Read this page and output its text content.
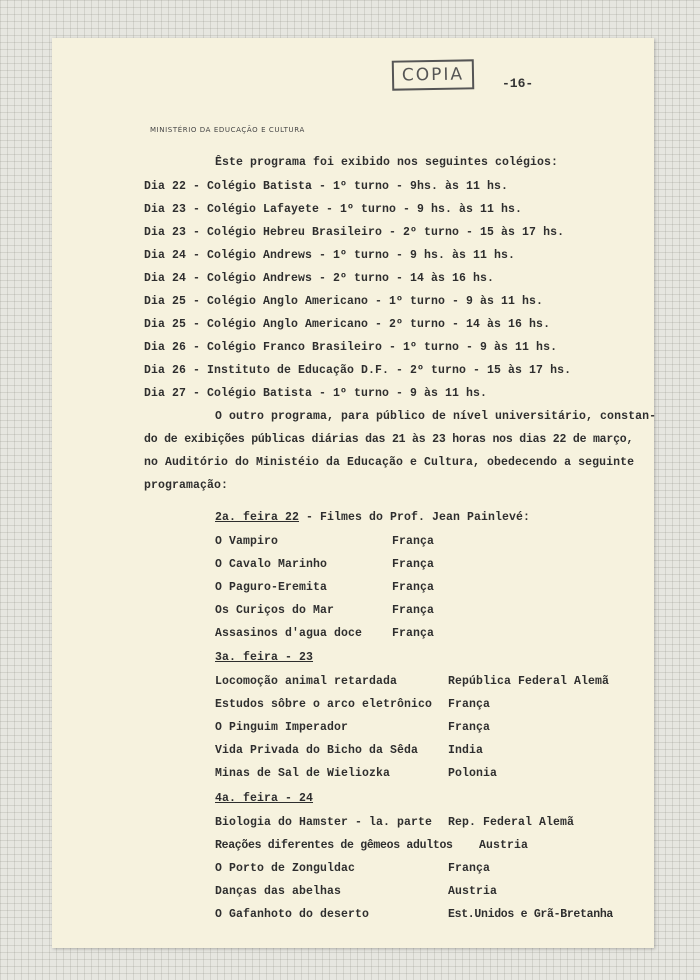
COPIA	-16-
MINISTÉRIO DA EDUCAÇÃO E CULTURA
Êste programa foi exibido nos seguintes colégios:
Dia 22 - Colégio Batista - 1º turno - 9hs. às 11 hs.
Dia 23 - Colégio Lafayete - 1º turno - 9 hs. às 11 hs.
Dia 23 - Colégio Hebreu Brasileiro - 2º turno - 15 às 17 hs.
Dia 24 - Colégio Andrews - 1º turno - 9 hs. às 11 hs.
Dia 24 - Colégio Andrews - 2º turno - 14 às 16 hs.
Dia 25 - Colégio Anglo Americano - 1º turno - 9 às 11 hs.
Dia 25 - Colégio Anglo Americano - 2º turno - 14 às 16 hs.
Dia 26 - Colégio Franco Brasileiro - 1º turno - 9 às 11 hs.
Dia 26 - Instituto de Educação D.F. - 2º turno - 15 às 17 hs.
Dia 27 - Colégio Batista - 1º turno - 9 às 11 hs.
O outro programa, para público de nível universitário, constan-
do de exibições públicas diárias das 21 às 23 horas nos dias 22 de março,
no Auditório do Ministéio da Educação e Cultura, obedecendo a seguinte
programação:
2a. feira 22 - Filmes do Prof. Jean Painlevé:
O Vampiro	França
O Cavalo Marinho	França
O Paguro-Eremita	França
Os Curiços do Mar	França
Assasinos d'agua doce	França
3a. feira - 23
Locomoção animal retardada	República Federal Alemã
Estudos sôbre o arco eletrônico França
O Pinguim Imperador	França
Vida Privada do Bicho da Sêda	India
Minas de Sal de Wieliozka	Polonia
4a. feira - 24
Biologia do Hamster - la. parte Rep. Federal Alemã
Reações diferentes de gêmeos adultos Austria
O Porto de Zonguldac	França
Danças das abelhas	Austria
O Gafanhoto do deserto	Est.Unidos e Grã-Bretanha
